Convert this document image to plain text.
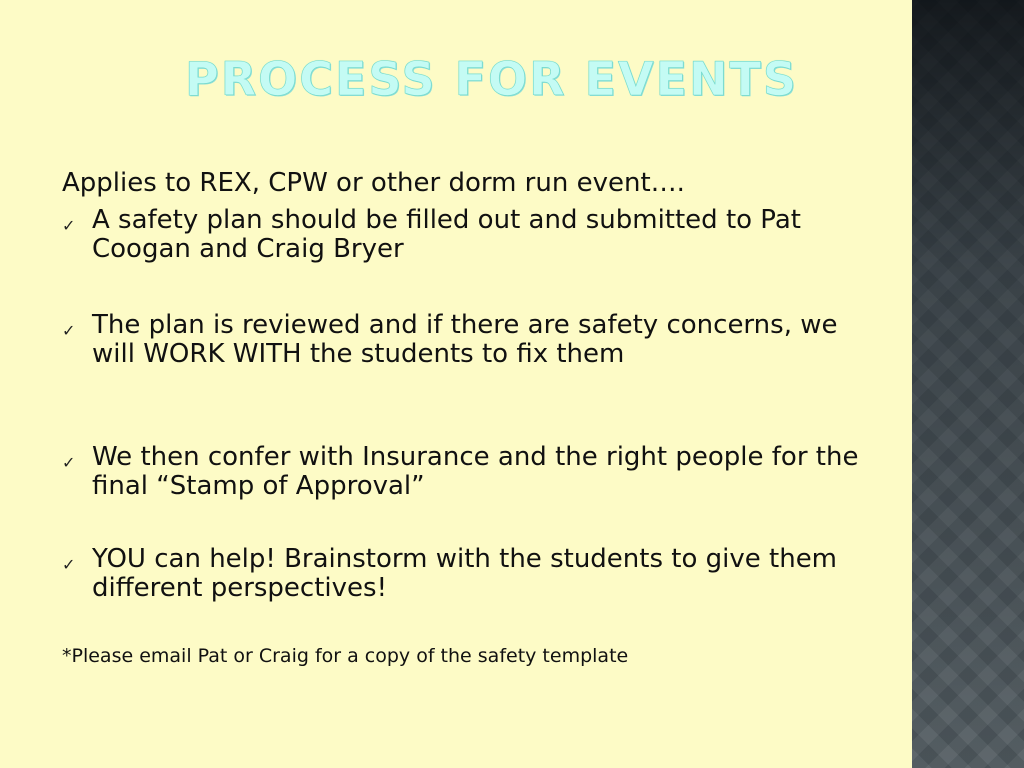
PROCESS FOR EVENTS

Applies to REX, CPW or other dorm run event….

✓ A safety plan should be filled out and submitted to Pat Coogan and Craig Bryer
✓ The plan is reviewed and if there are safety concerns, we will WORK WITH the students to fix them
✓ We then confer with Insurance and the right people for the final “Stamp of Approval”
✓ YOU can help! Brainstorm with the students to give them different perspectives!

*Please email Pat or Craig for a copy of the safety template
